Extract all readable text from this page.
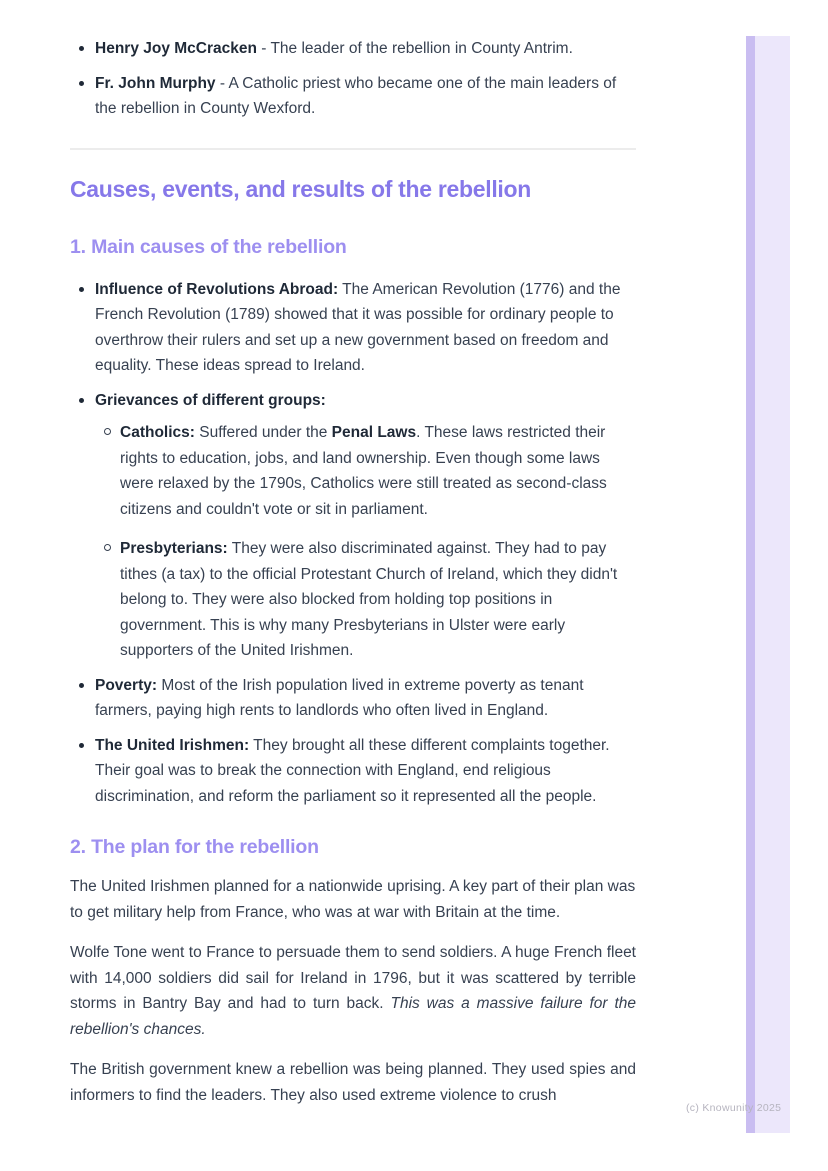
Henry Joy McCracken - The leader of the rebellion in County Antrim.
Fr. John Murphy - A Catholic priest who became one of the main leaders of the rebellion in County Wexford.
Causes, events, and results of the rebellion
1. Main causes of the rebellion
Influence of Revolutions Abroad: The American Revolution (1776) and the French Revolution (1789) showed that it was possible for ordinary people to overthrow their rulers and set up a new government based on freedom and equality. These ideas spread to Ireland.
Grievances of different groups:
Catholics: Suffered under the Penal Laws. These laws restricted their rights to education, jobs, and land ownership. Even though some laws were relaxed by the 1790s, Catholics were still treated as second-class citizens and couldn't vote or sit in parliament.
Presbyterians: They were also discriminated against. They had to pay tithes (a tax) to the official Protestant Church of Ireland, which they didn't belong to. They were also blocked from holding top positions in government. This is why many Presbyterians in Ulster were early supporters of the United Irishmen.
Poverty: Most of the Irish population lived in extreme poverty as tenant farmers, paying high rents to landlords who often lived in England.
The United Irishmen: They brought all these different complaints together. Their goal was to break the connection with England, end religious discrimination, and reform the parliament so it represented all the people.
2. The plan for the rebellion

The United Irishmen planned for a nationwide uprising. A key part of their plan was to get military help from France, who was at war with Britain at the time.

Wolfe Tone went to France to persuade them to send soldiers. A huge French fleet with 14,000 soldiers did sail for Ireland in 1796, but it was scattered by terrible storms in Bantry Bay and had to turn back. This was a massive failure for the rebellion's chances.

The British government knew a rebellion was being planned. They used spies and informers to find the leaders. They also used extreme violence to crush

(c) Knowunity 2025
